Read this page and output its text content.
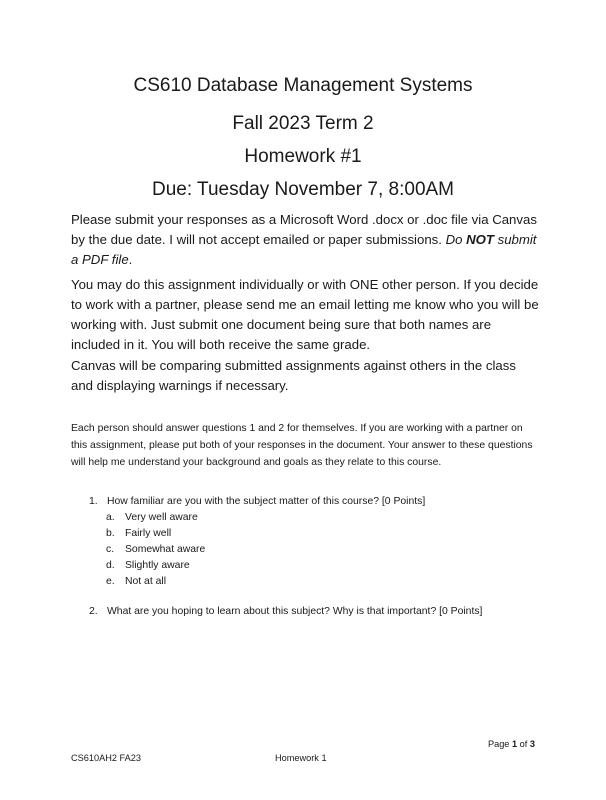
CS610 Database Management Systems
Fall 2023 Term 2
Homework #1
Due: Tuesday November 7, 8:00AM

Please submit your responses as a Microsoft Word .docx or .doc file via Canvas by the due date. I will not accept emailed or paper submissions. Do NOT submit a PDF file.

You may do this assignment individually or with ONE other person. If you decide to work with a partner, please send me an email letting me know who you will be working with. Just submit one document being sure that both names are included in it. You will both receive the same grade.

Canvas will be comparing submitted assignments against others in the class and displaying warnings if necessary.

Each person should answer questions 1 and 2 for themselves. If you are working with a partner on this assignment, please put both of your responses in the document. Your answer to these questions will help me understand your background and goals as they relate to this course.

1. How familiar are you with the subject matter of this course? [0 Points]
a. Very well aware
b. Fairly well
c. Somewhat aware
d. Slightly aware
e. Not at all
2. What are you hoping to learn about this subject? Why is that important? [0 Points]
Page 1 of 3
CS610AH2 FA23	Homework 1
